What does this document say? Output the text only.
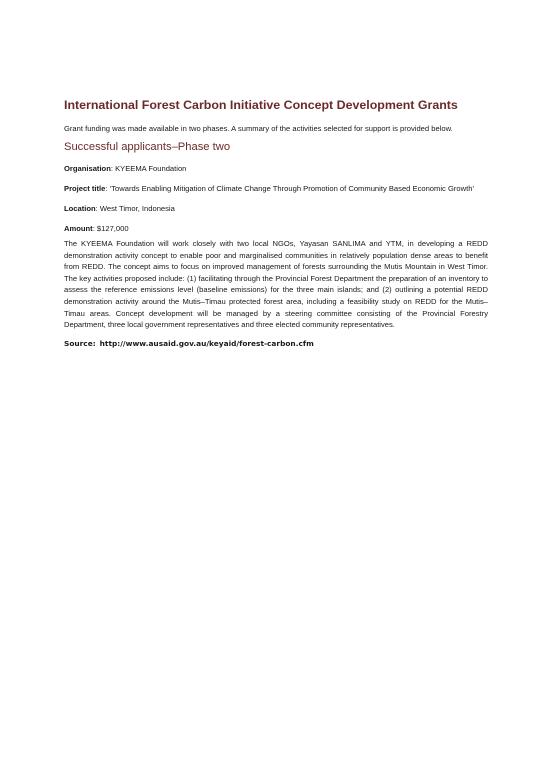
International Forest Carbon Initiative Concept Development Grants

Grant funding was made available in two phases. A summary of the activities selected for support is provided below.

Successful applicants–Phase two

Organisation: KYEEMA Foundation

Project title: ‘Towards Enabling Mitigation of Climate Change Through Promotion of Community Based Economic Growth’

Location: West Timor, Indonesia

Amount: $127,000

The KYEEMA Foundation will work closely with two local NGOs, Yayasan SANLIMA and YTM, in developing a REDD demonstration activity concept to enable poor and marginalised communities in relatively population dense areas to benefit from REDD. The concept aims to focus on improved management of forests surrounding the Mutis Mountain in West Timor. The key activities proposed include: (1) facilitating through the Provincial Forest Department the preparation of an inventory to assess the reference emissions level (baseline emissions) for the three main islands; and (2) outlining a potential REDD demonstration activity around the Mutis–Timau protected forest area, including a feasibility study on REDD for the Mutis–Timau areas. Concept development will be managed by a steering committee consisting of the Provincial Forestry Department, three local government representatives and three elected community representatives.

Source: http://www.ausaid.gov.au/keyaid/forest-carbon.cfm
